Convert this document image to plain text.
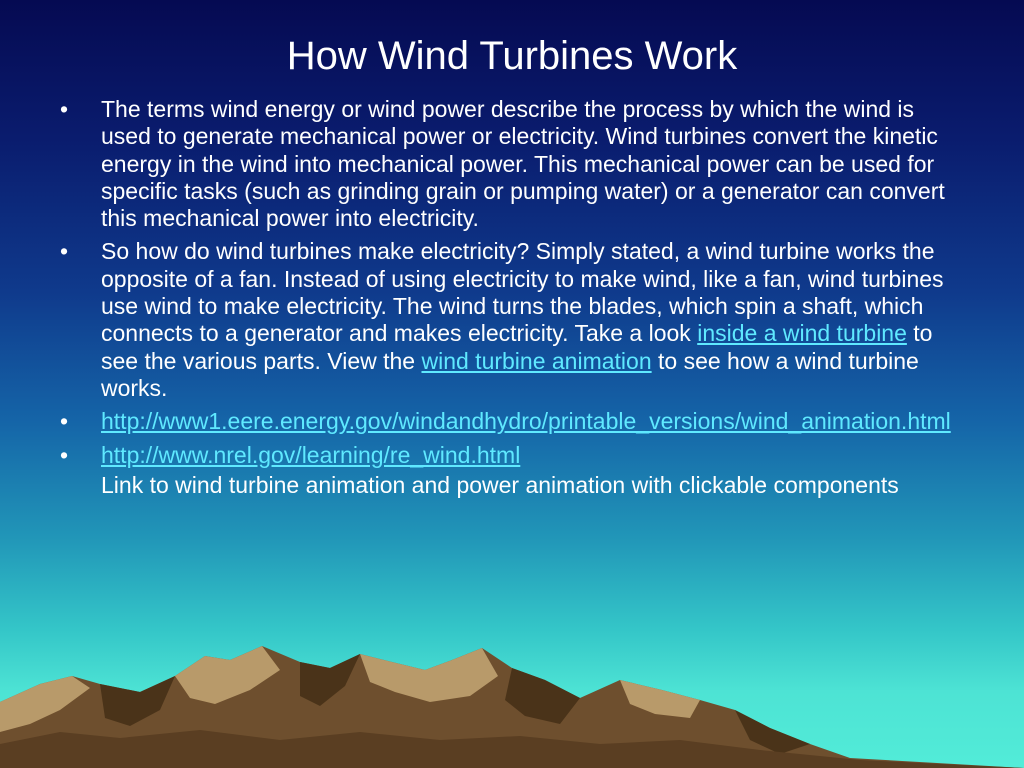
How Wind Turbines Work

• The terms wind energy or wind power describe the process by which the wind is used to generate mechanical power or electricity. Wind turbines convert the kinetic energy in the wind into mechanical power. This mechanical power can be used for specific tasks (such as grinding grain or pumping water) or a generator can convert this mechanical power into electricity.

• So how do wind turbines make electricity? Simply stated, a wind turbine works the opposite of a fan. Instead of using electricity to make wind, like a fan, wind turbines use wind to make electricity. The wind turns the blades, which spin a shaft, which connects to a generator and makes electricity. Take a look inside a wind turbine to see the various parts. View the wind turbine animation to see how a wind turbine works.

• http://www1.eere.energy.gov/windandhydro/printable_versions/wind_animation.html

• http://www.nrel.gov/learning/re_wind.html

Link to wind turbine animation and power animation with clickable components
